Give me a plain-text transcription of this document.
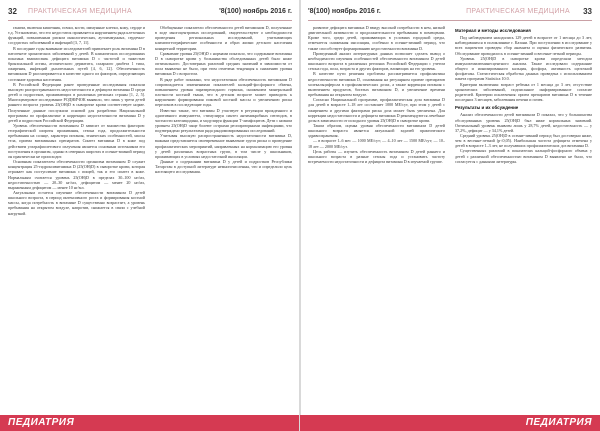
32 ПРАКТИЧЕСКАЯ МЕДИЦИНА	'8(100) ноябрь 2016 г.

ганизм, включая кишечник, почки, кости, иммунные клетки, кожу, сердце и т.д. Установлено, что его недостаток проявляется нарушением ряда клеточных функций, повышенным риском онкологических, аутоиммунных, сердечно-сосудистых заболеваний и инфекций [3, 7, 11].

В последние годы внимание исследователей привлекает роль витамина D в патогенезе хронических заболеваний у детей. В клинических исследованиях показана взаимосвязь дефицита витамина D с частотой и тяжестью бронхиальной астмы, атопического дерматита, сахарного диабета 1 типа, ожирения, инфекций дыхательных путей [4, 6, 12]. Обеспеченность витамином D рассматривается в качестве одного из факторов, определяющих состояние здоровья населения.

В Российской Федерации ранее проведенные исследования показали высокую распространенность недостаточности и дефицита витамина D среди детей и подростков, проживающих в различных регионах страны [1, 2, 5]. Многоцентровое исследование РОДНИЧОК выявило, что лишь у трети детей раннего возраста уровень 25(ОН)D в сыворотке крови соответствует норме. Полученные данные послужили основой для разработки Национальной программы по профилактике и коррекции недостаточности витамина D у детей и подростков Российской Федерации.

Уровень обеспеченности витамином D зависит от множества факторов: географической широты проживания, сезона года, продолжительности пребывания на солнце, характера питания, этнических особенностей, массы тела, приема витаминных препаратов. Синтез витамина D в коже под действием ультрафиолетового излучения является основным источником его поступления в организм, однако в северных широтах в осенне-зимний период он практически не происходит.

Основным показателем обеспеченности организма витамином D служит концентрация 25-гидроксивитамина D (25(ОН)D) в сыворотке крови, которая отражает как поступление витамина с пищей, так и его синтез в коже. Нормальным считается уровень 25(ОН)D в пределах 30–100 нг/мл, недостаточностью — 20–30 нг/мл, дефицитом — менее 20 нг/мл, выраженным дефицитом — менее 10 нг/мл.

Актуальным остается изучение обеспеченности витамином D детей школьного возраста, в период интенсивного роста и формирования костной массы, когда потребность в витамине D существенно возрастает, а уровень пребывания на открытом воздухе, напротив, снижается в связи с учебной нагрузкой.

Обобщенные показатели обеспеченности детей витамином D, полученные в ходе многоцентровых исследований, свидетельствуют о необходимости проведения региональных исследований, учитывающих климатогеографические особенности и образ жизни детского населения конкретной территории.

Сравнение уровня 25(ОН)D с нормами показало, что содержание витамина D в сыворотке крови у большинства обследованных детей было ниже оптимального. Достоверных различий средних значений в зависимости от пола выявлено не было, при этом отмечена тенденция к снижению уровня витамина D с возрастом.

В ряде работ показано, что недостаточная обеспеченность витамином D сопровождается изменениями показателей кальций-фосфорного обмена, повышением уровня паратиреоидного гормона, снижением минеральной плотности костной ткани, что в детском возрасте может приводить к нарушению формирования пиковой костной массы и увеличению риска переломов в последующие годы.

Известно также, что витамин D участвует в регуляции врожденного и адаптивного иммунитета, стимулируя синтез антимикробных пептидов, в частности кателицидина, и модулируя функции Т-лимфоцитов. Дети с низким уровнем 25(ОН)D чаще болеют острыми респираторными инфекциями, что подтверждено результатами ряда рандомизированных исследований.

Учитывая высокую распространенность недостаточности витамина D, важным представляется своевременное выявление групп риска и проведение профилактических мероприятий, направленных на нормализацию его уровня у детей различных возрастных групп, в том числе у школьников, проживающих в условиях недостаточной инсоляции.

Данные о содержании витамина D у детей и подростков Республики Татарстан в доступной литературе немногочисленны, что и определило цель настоящего исследования.

ПЕДИАТРИЯ
'8(100) ноябрь 2016 г.	ПРАКТИЧЕСКАЯ МЕДИЦИНА 33

развитие дефицита витамина D ввиду высокой потребности в нем, низкой двигательной активности и продолжительности пребывания в помещении. Кроме того, среди детей, проживающих в условиях городской среды, отмечается сниженная инсоляция, особенно в осенне-зимний период, что также способствует формированию недостаточности витамина D.

Проведенный анализ литературных данных позволяет сделать вывод о необходимости изучения особенностей обеспеченности витамином D детей школьного возраста в различных регионах Российской Федерации с учетом сезона года, пола, возраста и других факторов, влияющих на его уровень.

В качестве пути решения проблемы рассматривается профилактика недостаточности витамина D, основанная на регулярном приеме препаратов холекальциферола в профилактических дозах, а также коррекция питания с включением продуктов, богатых витамином D, и увеличение времени пребывания на открытом воздухе.

Согласно Национальной программе, профилактическая доза витамина D для детей в возрасте 1–18 лет составляет 1000 МЕ/сут, при этом у детей с ожирением и другими факторами риска доза может быть увеличена. Для коррекции недостаточности и дефицита витамина D рекомендуются лечебные дозы в зависимости от исходного уровня 25(ОН)D в сыворотке крови.

Таким образом, оценка уровня обеспеченности витамином D детей школьного возраста является актуальной задачей практического здравоохранения.

— в возрасте 1–6 мес — 1000 МЕ/сут; — 4–10 лет — 1500 МЕ/сут; — 10–18 лет — 2000 МЕ/сут.

Цель работы — изучить обеспеченность витамином D детей раннего и школьного возраста в разные сезоны года и установить частоту встречаемости недостаточности и дефицита витамина D в изучаемой группе.

Материал и методы исследования

Под наблюдением находились 129 детей в возрасте от 1 месяца до 3 лет, наблюдавшихся в поликлинике г. Казани. При поступлении в исследование у всех пациентов проведен сбор анамнеза и оценка физического развития. Обследование проводилось в осенне-зимний и весенне-летний периоды.

Уровень 25(ОН)D в сыворотке крови определяли методом иммунохемилюминесцентного анализа. Также исследовали содержание общего и ионизированного кальция, фосфора, активность щелочной фосфатазы. Статистическая обработка данных проведена с использованием пакета программ Statistica 10.0.

Критерии включения: возраст ребенка от 1 месяца до 3 лет, отсутствие хронических заболеваний, подписанное информированное согласие родителей. Критерии исключения: прием препаратов витамина D в течение последних 3 месяцев, заболевания печени и почек.

Результаты и их обсуждение

Анализ обеспеченности детей витамином D показал, что у большинства обследованных уровень 25(ОН)D был ниже нормальных значений. Оптимальный уровень выявлен лишь у 28,7% детей, недостаточность — у 37,2%, дефицит — у 34,1% детей.

Средний уровень 25(ОН)D в осенне-зимний период был достоверно ниже, чем в весенне-летний (р<0,05). Наибольшая частота дефицита отмечена у детей в возрасте 1–3 лет, не получавших профилактических доз витамина D.

Существенных различий в показателях кальций-фосфорного обмена у детей с различной обеспеченностью витамином D выявлено не было, что согласуется с данными литературы.

ПЕДИАТРИЯ
